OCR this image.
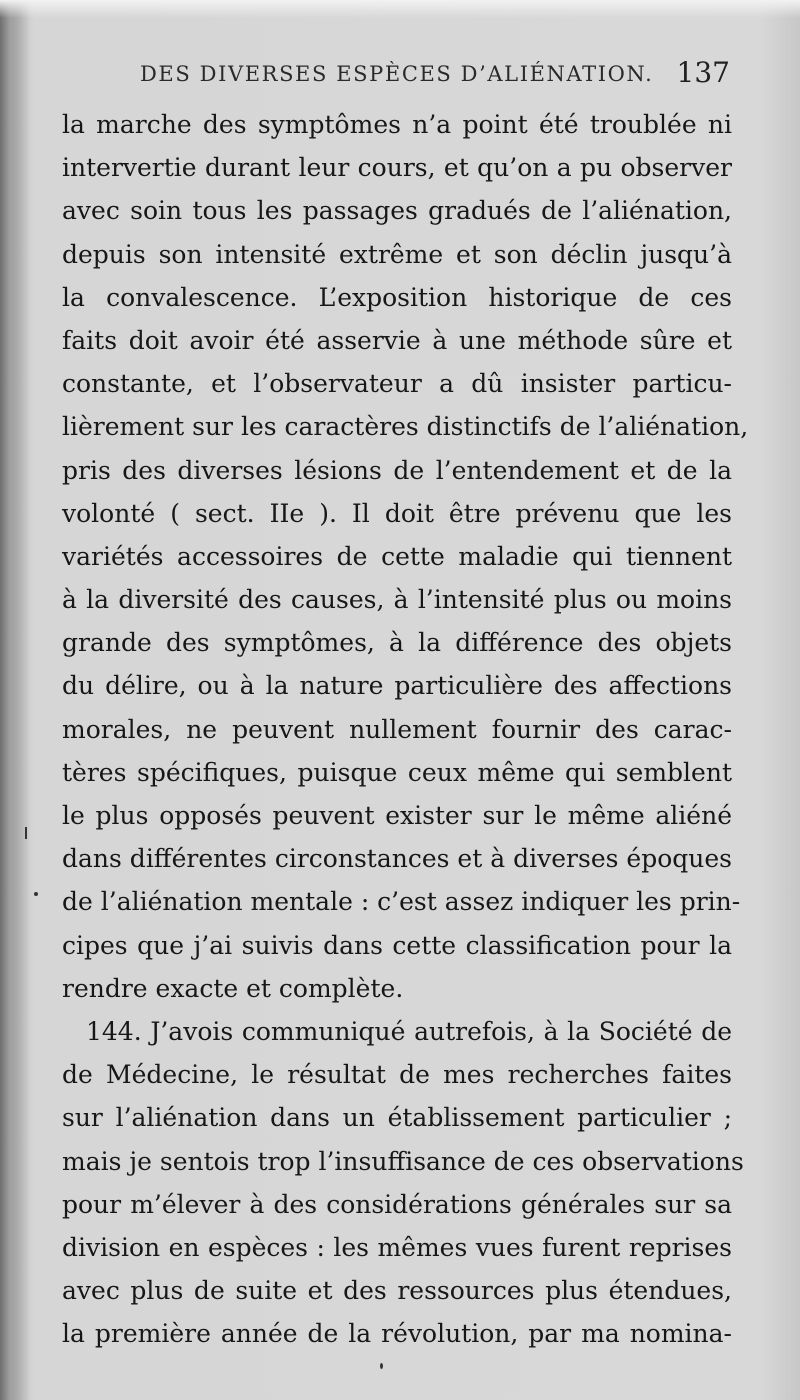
DES DIVERSES ESPÈCES D’ALIÉNATION. 137
la marche des symptômes n’a point été troublée ni
intervertie durant leur cours, et qu’on a pu observer
avec soin tous les passages gradués de l’aliénation,
depuis son intensité extrême et son déclin jusqu’à
la convalescence. L’exposition historique de ces
faits doit avoir été asservie à une méthode sûre et
constante, et l’observateur a dû insister particu-
lièrement sur les caractères distinctifs de l’aliénation,
pris des diverses lésions de l’entendement et de la
volonté ( sect. IIe ). Il doit être prévenu que les
variétés accessoires de cette maladie qui tiennent
à la diversité des causes, à l’intensité plus ou moins
grande des symptômes, à la différence des objets
du délire, ou à la nature particulière des affections
morales, ne peuvent nullement fournir des carac-
tères spécifiques, puisque ceux même qui semblent
le plus opposés peuvent exister sur le même aliéné
dans différentes circonstances et à diverses époques
de l’aliénation mentale : c’est assez indiquer les prin-
cipes que j’ai suivis dans cette classification pour la
rendre exacte et complète.
144. J’avois communiqué autrefois, à la Société de
de Médecine, le résultat de mes recherches faites
sur l’aliénation dans un établissement particulier ;
mais je sentois trop l’insuffisance de ces observations
pour m’élever à des considérations générales sur sa
division en espèces : les mêmes vues furent reprises
avec plus de suite et des ressources plus étendues,
la première année de la révolution, par ma nomina-
